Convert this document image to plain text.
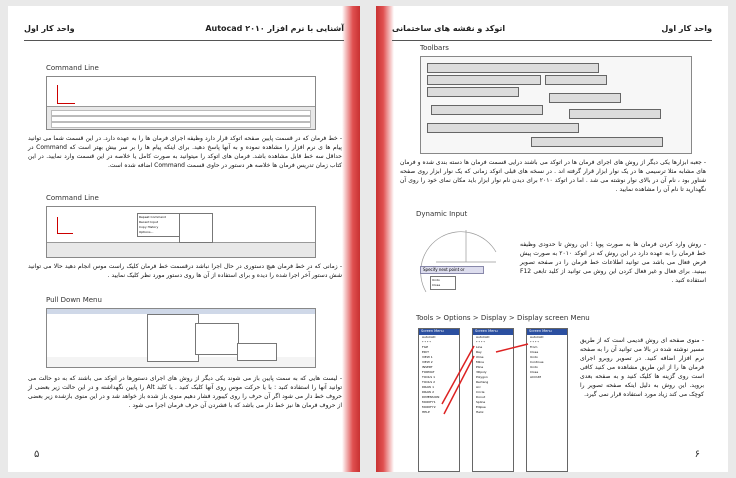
واحد کار اول	آشنایی با نرم افزار ۲۰۱۰ Autocad
Command Line
- خط فرمان که در قسمت پایین صفحه اتوکد قرار دارد وظیفه اجرای فرمان ها را به عهده دارد. در این قسمت شما می توانید پیام ها ی نرم افزار را مشاهده نموده و به آنها پاسخ دهید. برای اینکه پیام ها را بر سر بیش بهتر است که Command در حداقل سه خط قابل مشاهده باشد. فرمان های اتوکد را میتوانید به صورت کامل یا خلاصه در این قسمت وارد نمایید. در این کتاب زمان تدریس فرمان ها خلاصه هر دستور در حاوی قسمت Command اضافه شده است.
Command Line
Repeat Command
Recent Input
Copy History
Options...
- زمانی که در خط فرمان هیچ دستوری در حال اجرا نباشد درقسمت خط فرمان کلیک راست موس انجام دهید حالا می توانید شش دستور آخر اجرا شده را دیده و برای استفاده از آن ها روی دستور مورد نظر کلیک نمایید .
Pull Down Menu
- لیست هایی که به سمت پایین باز می شوند یکی دیگر از روش های اجرای دستورها در اتوکد می باشند که به دو حالت می توانید آنها را استفاده کنید : با یا حرکت موس روی آنها کلیک کنید . یا کلید Alt را پایین نگهداشته و در این حالت زیر بعضی از حروف خط دار می شود اگر آن حرف را روی کیبورد فشار دهیم منوی باز شده باز خواهد شد و در این منوی بازشده زیر بعضی از حروف فرمان ها نیز خط دار می باشد که با فشردن آن حرف فرمان اجرا می شود .
۵
اتوکد و نقشه های ساختمانی	واحد کار اول
Toolbars
- جعبه ابزارها یکی دیگر از روش های اجرای فرمان ها در اتوکد می باشند درایی قسمت فرمان ها دسته بندی شده و فرمان های مشابه مثلا ترسیمی ها در یک نوار ابزار قرار گرفته اند . در نسخه های قبلی اتوکد زمانی که یک نوار ابزار روی صفحه شناور بود ، نام آن در بالای نوار نوشته می شد . اما در اتوکد ۲۰۱۰ برای دیدن نام نوار ابزار باید مکان نمای خود را روی آن نگهدارید تا نام آن را مشاهده نمایید .
Dynamic Input
Specify next point or
Undo
Close
- روش وارد کردن فرمان ها به صورت پویا : این روش تا حدودی وظیفه خط فرمان را به عهده دارد در این روش که در اتوکد ۲۰۱۰ به صورت پیش فرض فعال می باشد می توانید اطلاعات خط فرمان را در صفحه تصویر ببینید. برای فعال و غیر فعال کردن این روش می توانید از کلید تابعی F12 استفاده کنید .
Tools > Options > Display > Display screen Menu
Screen Menu
AutoCAD
* * * *
FILE
EDIT
VIEW 1
VIEW 2
INSERT
FORMAT
TOOLS 1
TOOLS 2
DRAW 1
DRAW 2
DIMENSION
MODIFY1
MODIFY2
HELP
Screen Menu
AutoCAD
* * * *
Line
Ray
Xline
Mline
Pline
3Dpoly
Polygon
Rectang
Arc
Circle
Donut
Spline
Ellipse
Helix
Screen Menu
AutoCAD
* * * *
From
Close
Undo
Continue
Undo
Close
ACCUM
- منوی صفحه ای روش قدیمی است که از طریق مسیر نوشته شده در بالا می توانید آن را به صفحه نرم افزار اضافه کنید. در تصویر روبرو اجرای فرمان ها را از این طریق مشاهده می کنید کافی است روی گزینه ها کلیک کنید و به صفحه بعدی بروید. این روش به دلیل اینکه صفحه تصویر را کوچک می کند زیاد مورد استفاده قرار نمی گیرد.
۶
